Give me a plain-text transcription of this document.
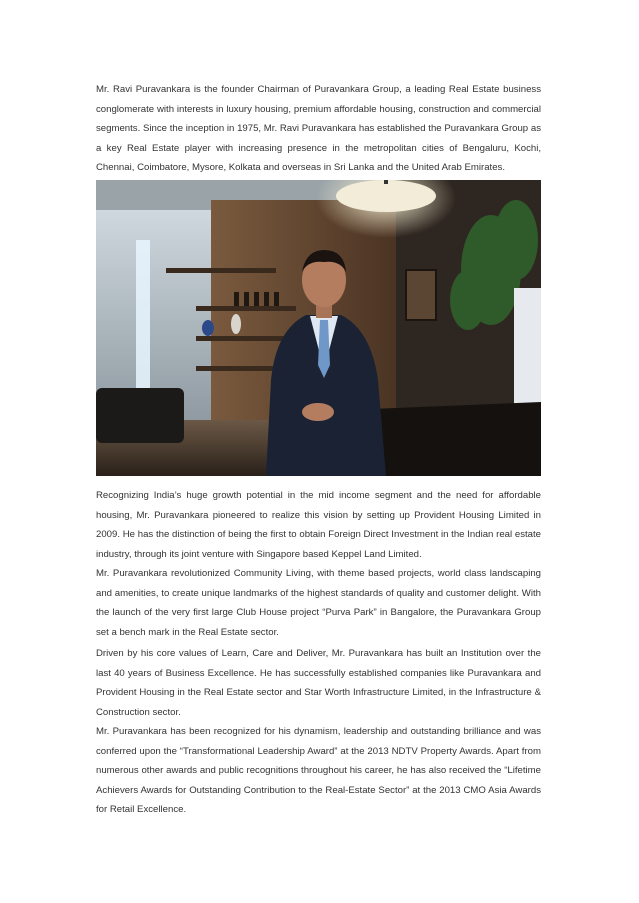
Mr. Ravi Puravankara is the founder Chairman of Puravankara Group, a leading Real Estate business conglomerate with interests in luxury housing, premium affordable housing, construction and commercial segments. Since the inception in 1975, Mr. Ravi Puravankara has established the Puravankara Group as a key Real Estate player with increasing presence in the metropolitan cities of Bengaluru, Kochi, Chennai, Coimbatore, Mysore, Kolkata and overseas in Sri Lanka and the United Arab Emirates.

Recognizing India’s huge growth potential in the mid income segment and the need for affordable housing, Mr. Puravankara pioneered to realize this vision by setting up Provident Housing Limited in 2009. He has the distinction of being the first to obtain Foreign Direct Investment in the Indian real estate industry, through its joint venture with Singapore based Keppel Land Limited.

Mr. Puravankara revolutionized Community Living, with theme based projects, world class landscaping and amenities, to create unique landmarks of the highest standards of quality and customer delight. With the launch of the very first large Club House project “Purva Park” in Bangalore, the Puravankara Group set a bench mark in the Real Estate sector.

Driven by his core values of Learn, Care and Deliver, Mr. Puravankara has built an Institution over the last 40 years of Business Excellence. He has successfully established companies like Puravankara and Provident Housing in the Real Estate sector and Star Worth Infrastructure Limited, in the Infrastructure & Construction sector.

Mr. Puravankara has been recognized for his dynamism, leadership and outstanding brilliance and was conferred upon the “Transformational Leadership Award” at the 2013 NDTV Property Awards. Apart from numerous other awards and public recognitions throughout his career, he has also received the “Lifetime Achievers Awards for Outstanding Contribution to the Real-Estate Sector” at the 2013 CMO Asia Awards for Retail Excellence.
